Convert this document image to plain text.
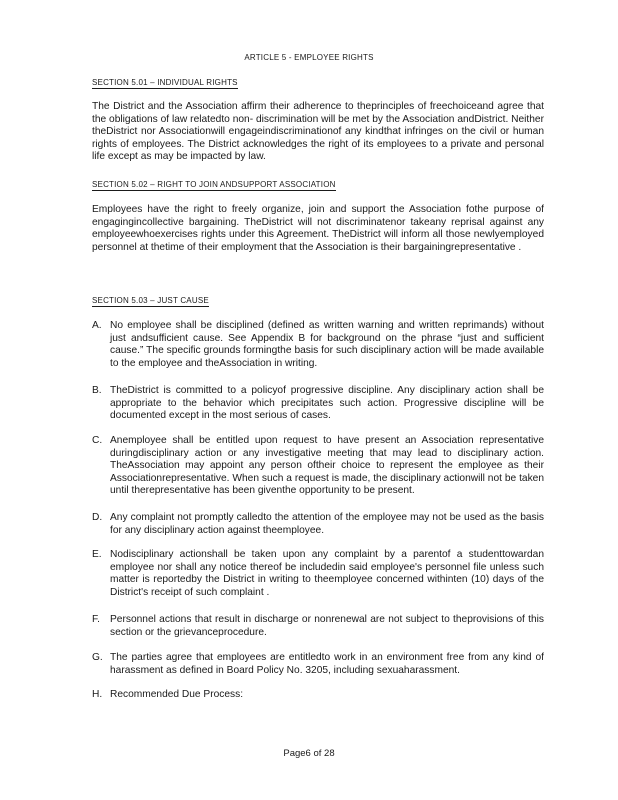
ARTICLE 5 - EMPLOYEE RIGHTS
SECTION 5.01 – INDIVIDUAL RIGHTS
The District and the Association affirm their adherence to theprinciples of freechoiceand agree that the obligations of law relatedto non- discrimination will be met by the Association andDistrict. Neither theDistrict nor Associationwill engageindiscriminationof any kindthat infringes on the civil or human rights of employees. The District acknowledges the right of its employees to a private and personal life except as may be impacted by law.
SECTION 5.02 – RIGHT TO JOIN ANDSUPPORT ASSOCIATION
Employees have the right to freely organize, join and support the Association fothe purpose of engagingincollective bargaining. TheDistrict will not discriminatenor takeany reprisal against any employeewhoexercises rights under this Agreement. TheDistrict will inform all those newlyemployed personnel at thetime of their employment that the Association is their bargainingrepresentative .
SECTION 5.03 – JUST CAUSE
A. No employee shall be disciplined (defined as written warning and written reprimands) without just andsufficient cause. See Appendix B for background on the phrase “just and sufficient cause.” The specific grounds formingthe basis for such disciplinary action will be made available to the employee and theAssociation in writing.
B. TheDistrict is committed to a policyof progressive discipline. Any disciplinary action shall be appropriate to the behavior which precipitates such action. Progressive discipline will be documented except in the most serious of cases.
C. Anemployee shall be entitled upon request to have present an Association representative duringdisciplinary action or any investigative meeting that may lead to disciplinary action. TheAssociation may appoint any person oftheir choice to represent the employee as their Associationrepresentative. When such a request is made, the disciplinary actionwill not be taken until therepresentative has been giventhe opportunity to be present.
D. Any complaint not promptly calledto the attention of the employee may not be used as the basis for any disciplinary action against theemployee.
E. Nodisciplinary actionshall be taken upon any complaint by a parentof a studenttowardan employee nor shall any notice thereof be includedin said employee's personnel file unless such matter is reportedby the District in writing to theemployee concerned withinten (10) days of the District's receipt of such complaint .
F. Personnel actions that result in discharge or nonrenewal are not subject to theprovisions of this section or the grievanceprocedure.
G. The parties agree that employees are entitledto work in an environment free from any kind of harassment as defined in Board Policy No. 3205, including sexuaharassment.
H. Recommended Due Process:
Page6 of 28
